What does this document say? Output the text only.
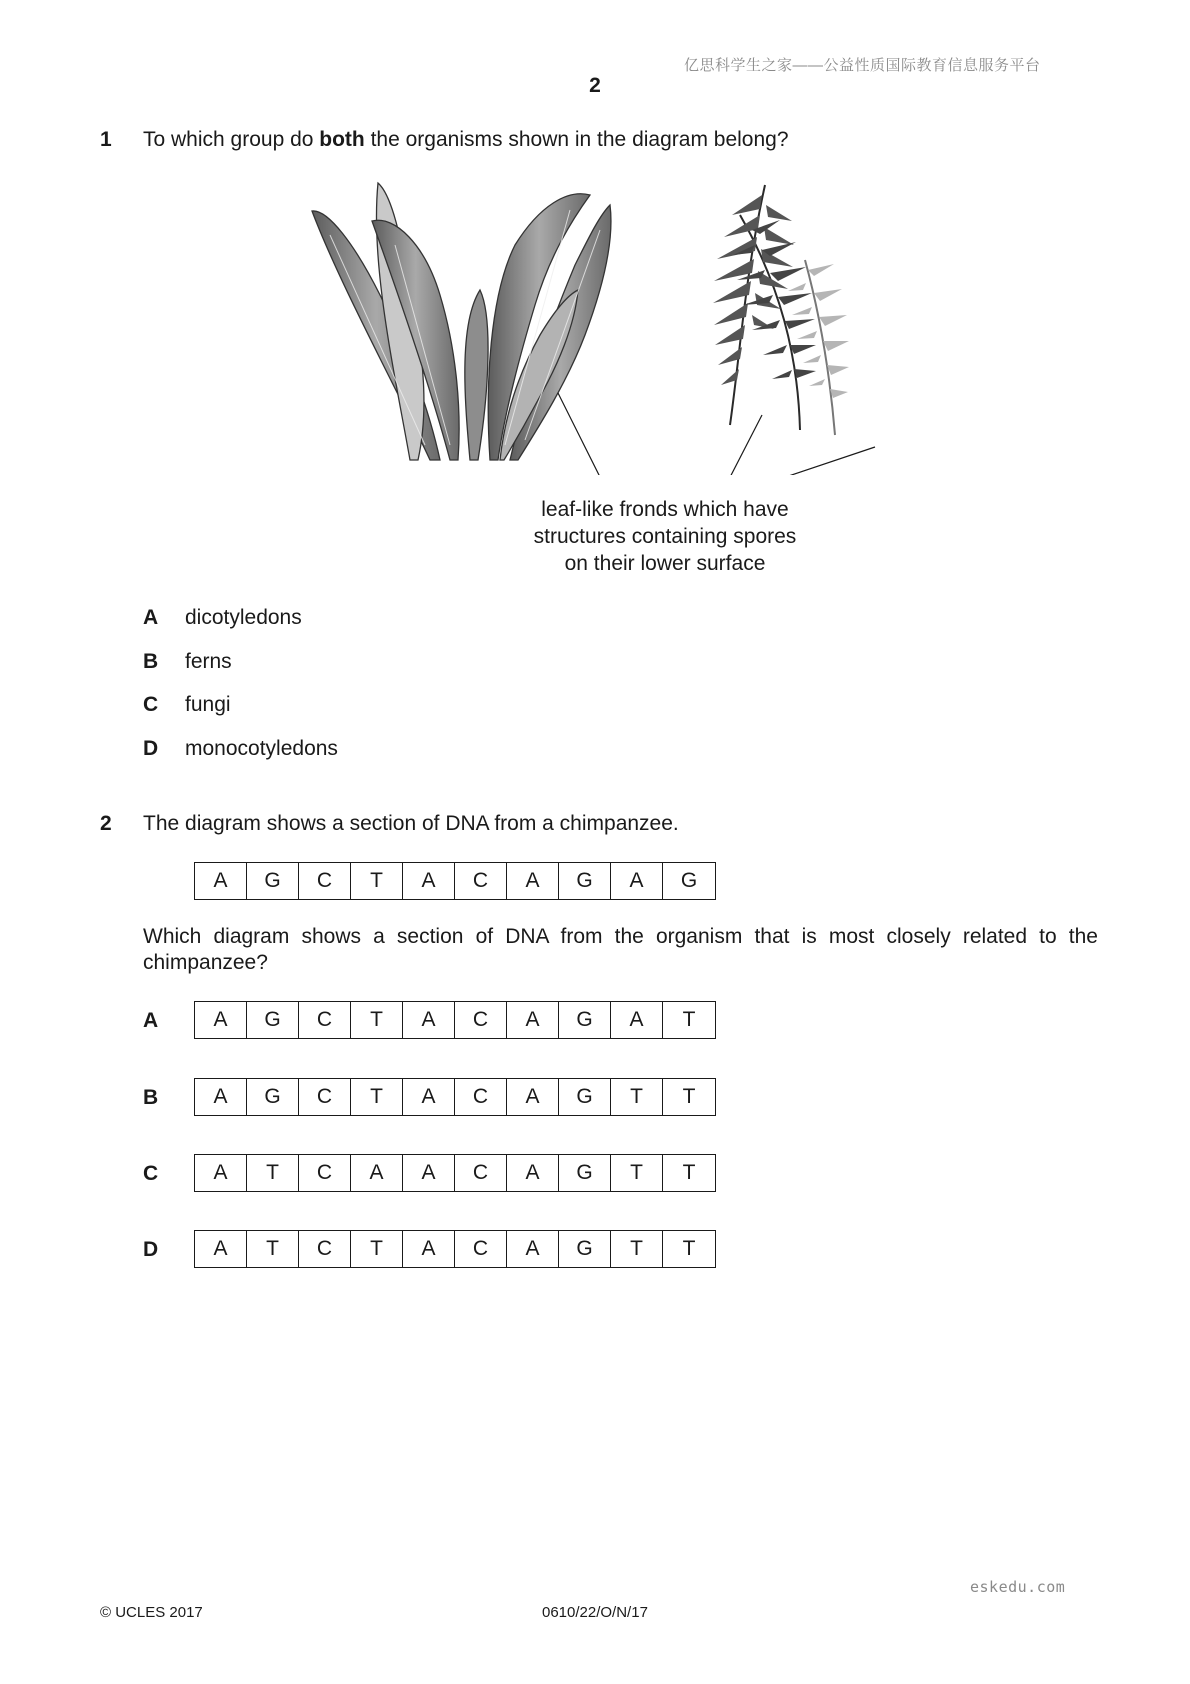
亿思科学生之家——公益性质国际教育信息服务平台
2
1 To which group do both the organisms shown in the diagram belong?
leaf-like fronds which have
structures containing spores
on their lower surface
A dicotyledons
B ferns
C fungi
D monocotyledons
2 The diagram shows a section of DNA from a chimpanzee.
A	G	C	T	A	C	A	G	A	G
Which diagram shows a section of DNA from the organism that is most closely related to the chimpanzee?
A	A	G	C	T	A	C	A	G	A	T
B	A	G	C	T	A	C	A	G	T	T
C	A	T	C	A	A	C	A	G	T	T
D	A	T	C	T	A	C	A	G	T	T
eskedu.com
© UCLES 2017	0610/22/O/N/17
